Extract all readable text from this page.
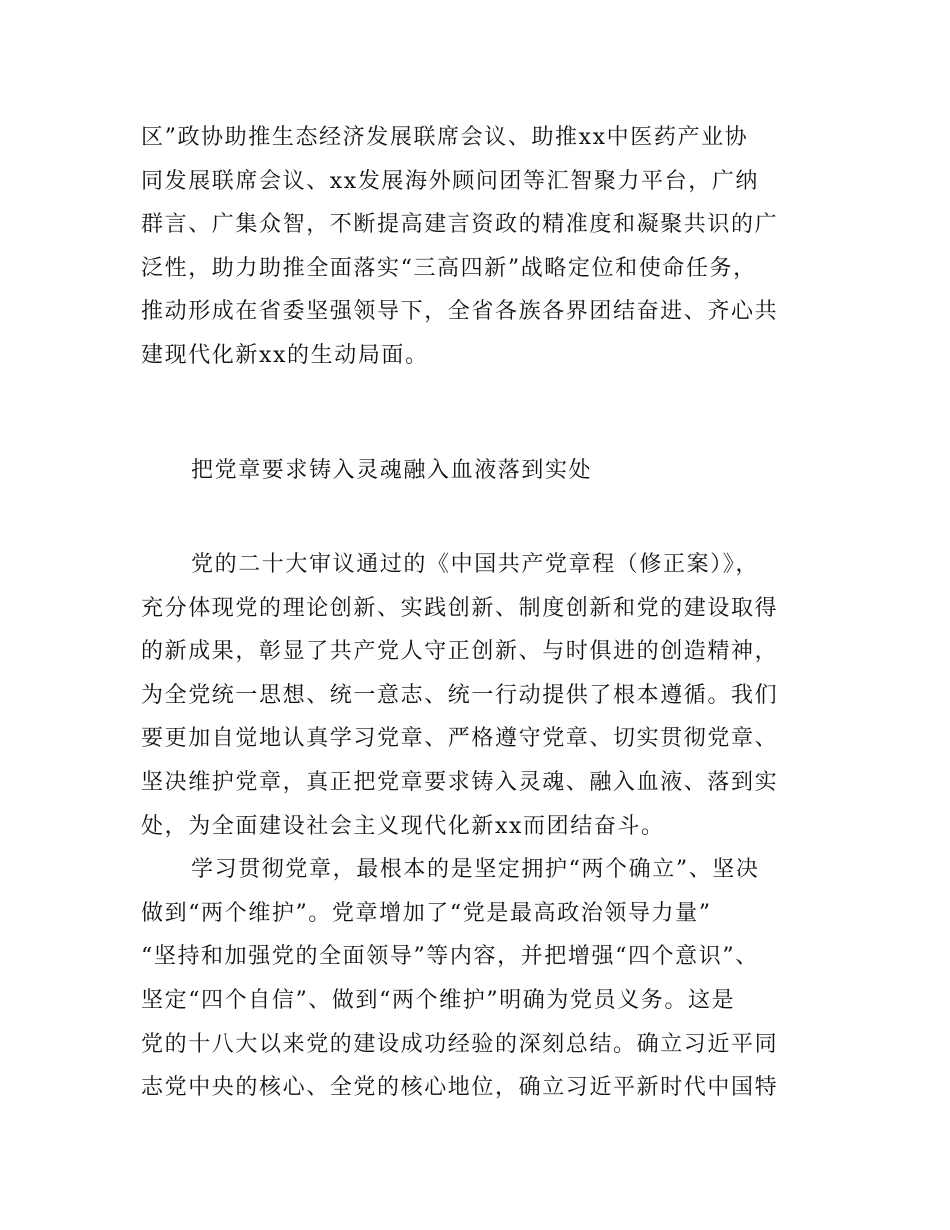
区”政协助推生态经济发展联席会议、助推xx中医药产业协
同发展联席会议、xx发展海外顾问团等汇智聚力平台，广纳
群言、广集众智，不断提高建言资政的精准度和凝聚共识的广
泛性，助力助推全面落实“三高四新”战略定位和使命任务，
推动形成在省委坚强领导下，全省各族各界团结奋进、齐心共
建现代化新xx的生动局面。
把党章要求铸入灵魂融入血液落到实处
党的二十大审议通过的《中国共产党章程（修正案）》，
充分体现党的理论创新、实践创新、制度创新和党的建设取得
的新成果，彰显了共产党人守正创新、与时俱进的创造精神，
为全党统一思想、统一意志、统一行动提供了根本遵循。我们
要更加自觉地认真学习党章、严格遵守党章、切实贯彻党章、
坚决维护党章，真正把党章要求铸入灵魂、融入血液、落到实
处，为全面建设社会主义现代化新xx而团结奋斗。
学习贯彻党章，最根本的是坚定拥护“两个确立”、坚决
做到“两个维护”。党章增加了“党是最高政治领导力量”
“坚持和加强党的全面领导”等内容，并把增强“四个意识”、
坚定“四个自信”、做到“两个维护”明确为党员义务。这是
党的十八大以来党的建设成功经验的深刻总结。确立习近平同
志党中央的核心、全党的核心地位，确立习近平新时代中国特
